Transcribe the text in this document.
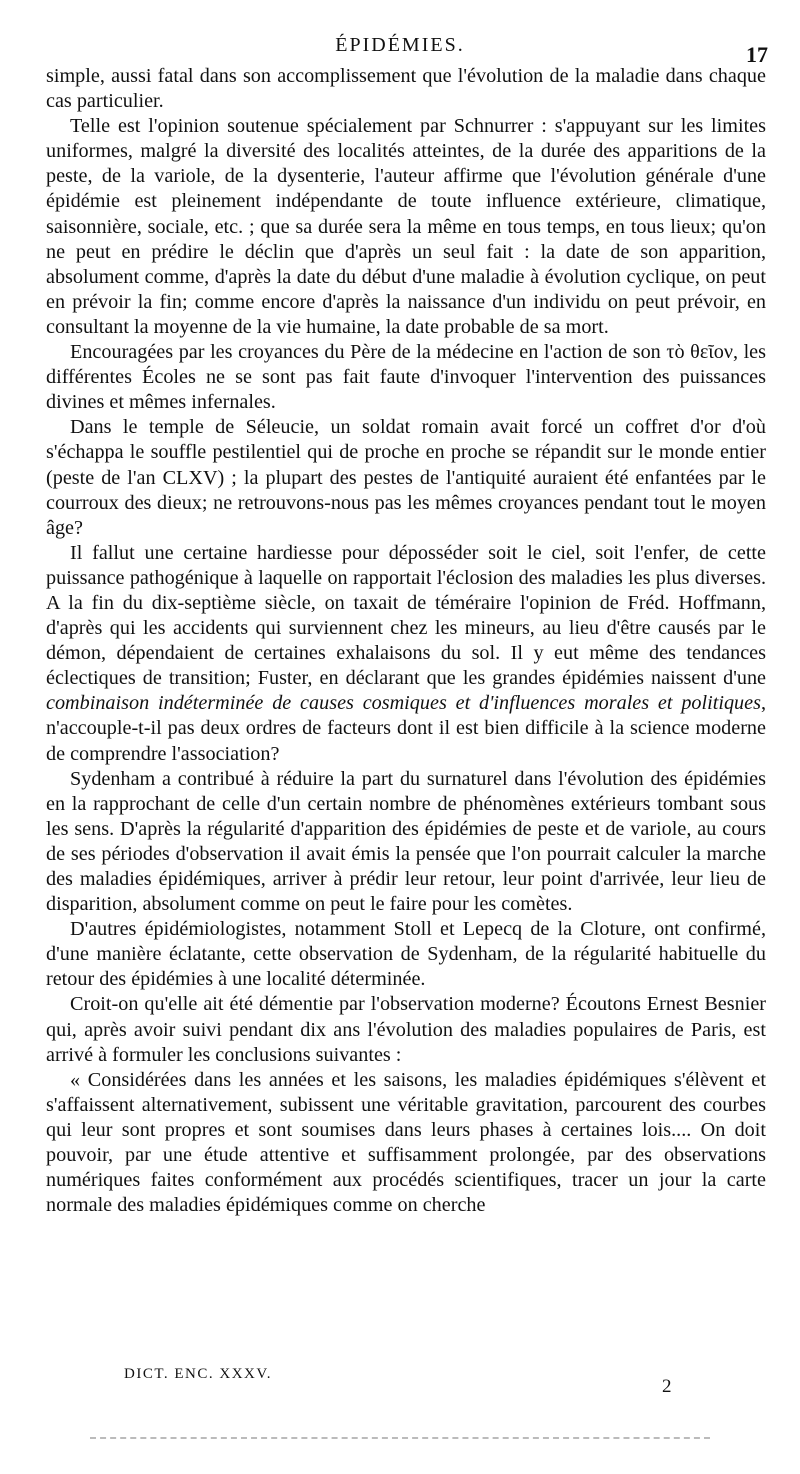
ÉPIDÉMIES.	17

simple, aussi fatal dans son accomplissement que l'évolution de la maladie dans chaque cas particulier.

Telle est l'opinion soutenue spécialement par Schnurrer : s'appuyant sur les limites uniformes, malgré la diversité des localités atteintes, de la durée des apparitions de la peste, de la variole, de la dysenterie, l'auteur affirme que l'évolution générale d'une épidémie est pleinement indépendante de toute influence extérieure, climatique, saisonnière, sociale, etc. ; que sa durée sera la même en tous temps, en tous lieux; qu'on ne peut en prédire le déclin que d'après un seul fait : la date de son apparition, absolument comme, d'après la date du début d'une maladie à évolution cyclique, on peut en prévoir la fin; comme encore d'après la naissance d'un individu on peut prévoir, en consultant la moyenne de la vie humaine, la date probable de sa mort.

Encouragées par les croyances du Père de la médecine en l'action de son τὸ θεῖον, les différentes Écoles ne se sont pas fait faute d'invoquer l'intervention des puissances divines et mêmes infernales.

Dans le temple de Séleucie, un soldat romain avait forcé un coffret d'or d'où s'échappa le souffle pestilentiel qui de proche en proche se répandit sur le monde entier (peste de l'an CLXV) ; la plupart des pestes de l'antiquité auraient été enfantées par le courroux des dieux; ne retrouvons-nous pas les mêmes croyances pendant tout le moyen âge?

Il fallut une certaine hardiesse pour déposséder soit le ciel, soit l'enfer, de cette puissance pathogénique à laquelle on rapportait l'éclosion des maladies les plus diverses. A la fin du dix-septième siècle, on taxait de téméraire l'opinion de Fréd. Hoffmann, d'après qui les accidents qui surviennent chez les mineurs, au lieu d'être causés par le démon, dépendaient de certaines exhalaisons du sol. Il y eut même des tendances éclectiques de transition; Fuster, en déclarant que les grandes épidémies naissent d'une combinaison indéterminée de causes cosmiques et d'influences morales et politiques, n'accouple-t-il pas deux ordres de facteurs dont il est bien difficile à la science moderne de comprendre l'association?

Sydenham a contribué à réduire la part du surnaturel dans l'évolution des épidémies en la rapprochant de celle d'un certain nombre de phénomènes extérieurs tombant sous les sens. D'après la régularité d'apparition des épidémies de peste et de variole, au cours de ses périodes d'observation il avait émis la pensée que l'on pourrait calculer la marche des maladies épidémiques, arriver à prédir leur retour, leur point d'arrivée, leur lieu de disparition, absolument comme on peut le faire pour les comètes.

D'autres épidémiologistes, notamment Stoll et Lepecq de la Cloture, ont confirmé, d'une manière éclatante, cette observation de Sydenham, de la régularité habituelle du retour des épidémies à une localité déterminée.

Croit-on qu'elle ait été démentie par l'observation moderne? Écoutons Ernest Besnier qui, après avoir suivi pendant dix ans l'évolution des maladies populaires de Paris, est arrivé à formuler les conclusions suivantes :

« Considérées dans les années et les saisons, les maladies épidémiques s'élèvent et s'affaissent alternativement, subissent une véritable gravitation, parcourent des courbes qui leur sont propres et sont soumises dans leurs phases à certaines lois.... On doit pouvoir, par une étude attentive et suffisamment prolongée, par des observations numériques faites conformément aux procédés scientifiques, tracer un jour la carte normale des maladies épidémiques comme on cherche

DICT. ENC. XXXV.
2
